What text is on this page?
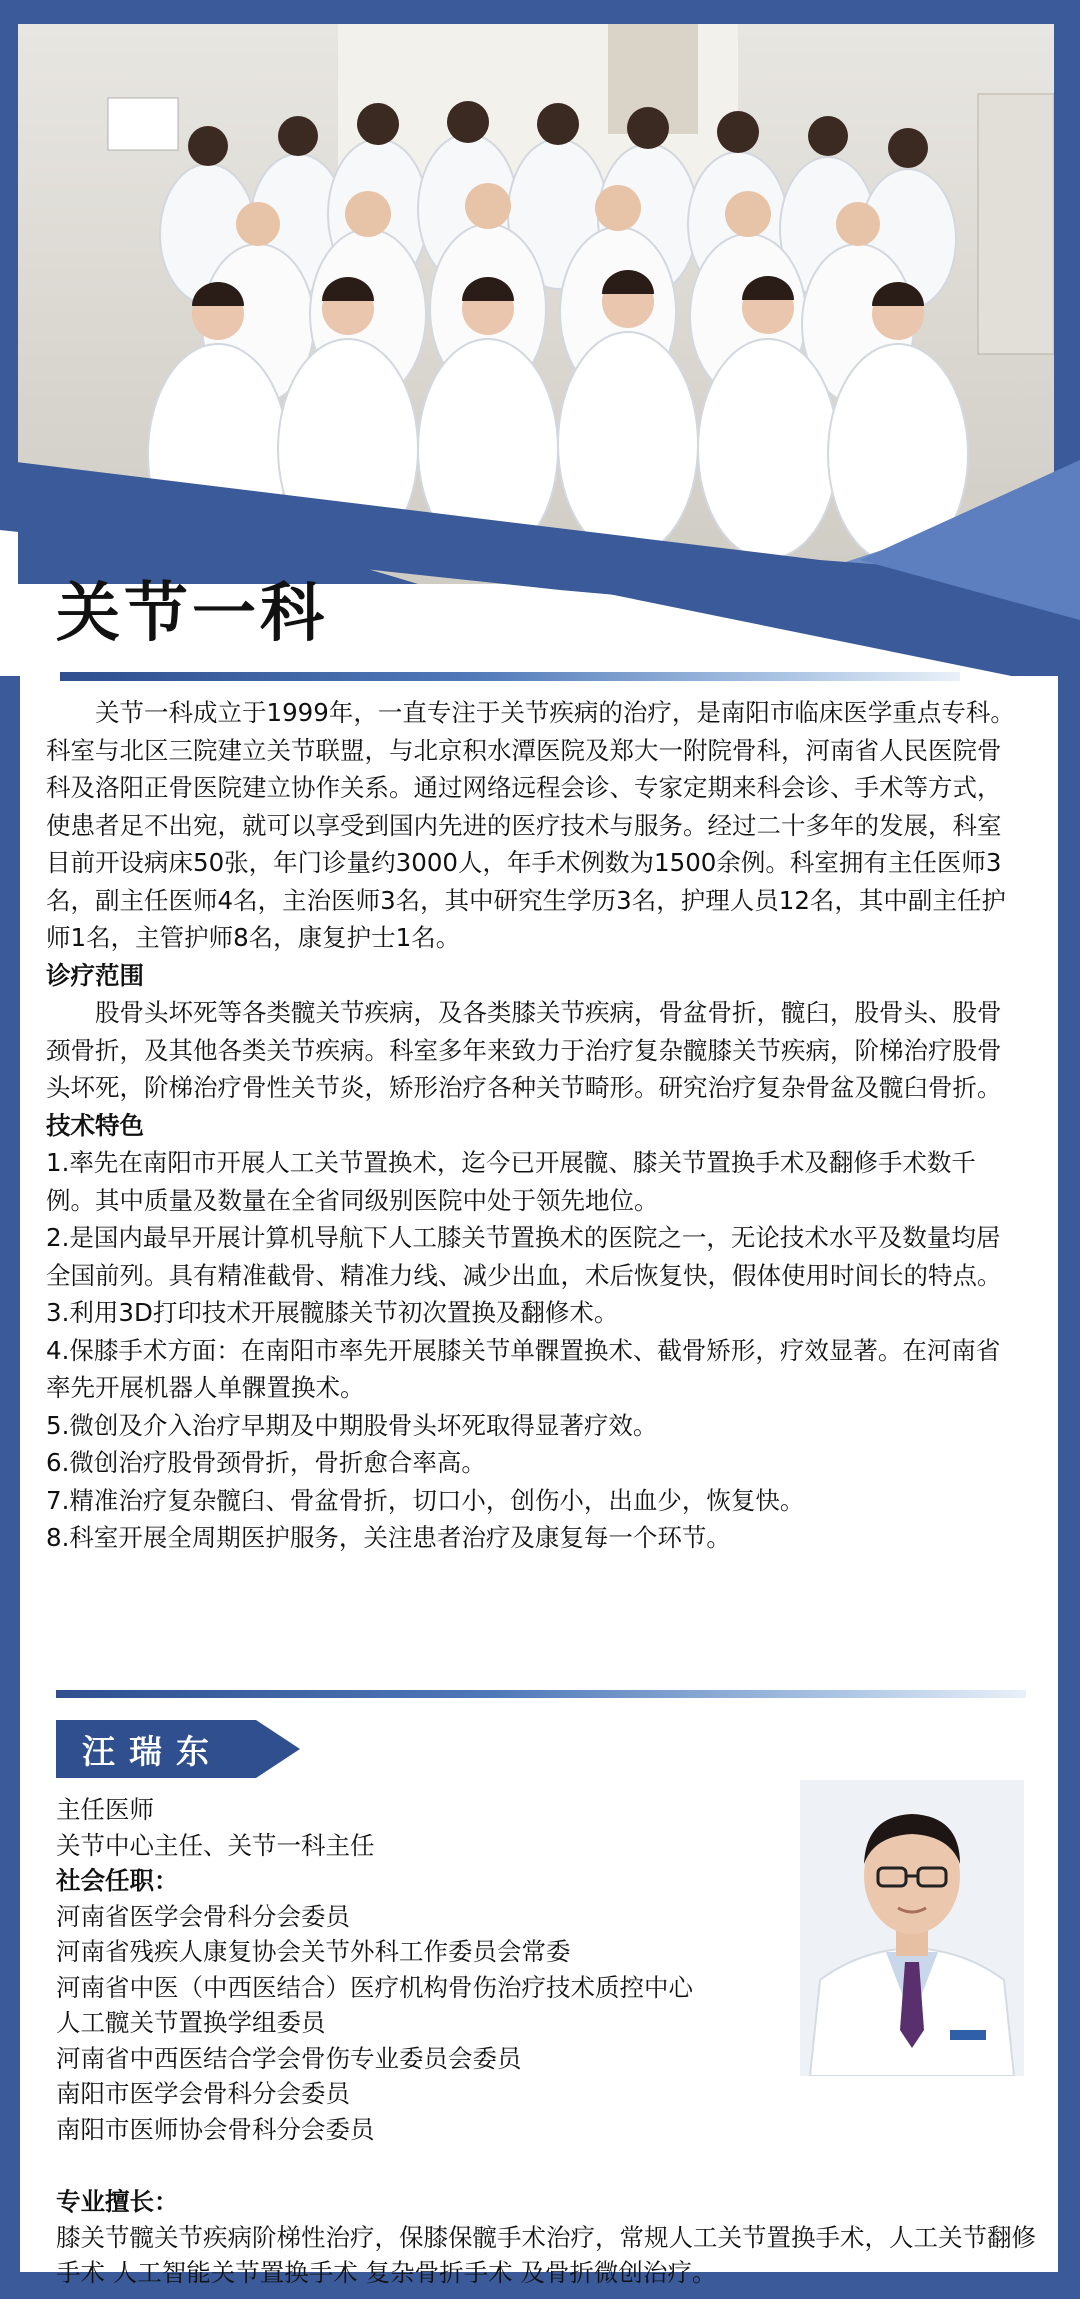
关节一科

关节一科成立于1999年，一直专注于关节疾病的治疗，是南阳市临床医学重点专科。科室与北区三院建立关节联盟，与北京积水潭医院及郑大一附院骨科，河南省人民医院骨科及洛阳正骨医院建立协作关系。通过网络远程会诊、专家定期来科会诊、手术等方式，使患者足不出宛，就可以享受到国内先进的医疗技术与服务。经过二十多年的发展，科室目前开设病床50张，年门诊量约3000人，年手术例数为1500余例。科室拥有主任医师3名，副主任医师4名，主治医师3名，其中研究生学历3名，护理人员12名，其中副主任护师1名，主管护师8名，康复护士1名。

诊疗范围

股骨头坏死等各类髋关节疾病，及各类膝关节疾病，骨盆骨折，髋臼，股骨头、股骨颈骨折，及其他各类关节疾病。科室多年来致力于治疗复杂髋膝关节疾病，阶梯治疗股骨头坏死，阶梯治疗骨性关节炎，矫形治疗各种关节畸形。研究治疗复杂骨盆及髋臼骨折。

技术特色

1.率先在南阳市开展人工关节置换术，迄今已开展髋、膝关节置换手术及翻修手术数千例。其中质量及数量在全省同级别医院中处于领先地位。

2.是国内最早开展计算机导航下人工膝关节置换术的医院之一，无论技术水平及数量均居全国前列。具有精准截骨、精准力线、减少出血，术后恢复快，假体使用时间长的特点。

3.利用3D打印技术开展髋膝关节初次置换及翻修术。

4.保膝手术方面：在南阳市率先开展膝关节单髁置换术、截骨矫形，疗效显著。在河南省率先开展机器人单髁置换术。

5.微创及介入治疗早期及中期股骨头坏死取得显著疗效。

6.微创治疗股骨颈骨折，骨折愈合率高。

7.精准治疗复杂髋臼、骨盆骨折，切口小，创伤小，出血少，恢复快。

8.科室开展全周期医护服务，关注患者治疗及康复每一个环节。

汪瑞东

主任医师

关节中心主任、关节一科主任

社会任职：

河南省医学会骨科分会委员

河南省残疾人康复协会关节外科工作委员会常委

河南省中医（中西医结合）医疗机构骨伤治疗技术质控中心

人工髋关节置换学组委员

河南省中西医结合学会骨伤专业委员会委员

南阳市医学会骨科分会委员

南阳市医师协会骨科分会委员

专业擅长：

膝关节髋关节疾病阶梯性治疗，保膝保髋手术治疗，常规人工关节置换手术，人工关节翻修手术 人工智能关节置换手术 复杂骨折手术 及骨折微创治疗。
